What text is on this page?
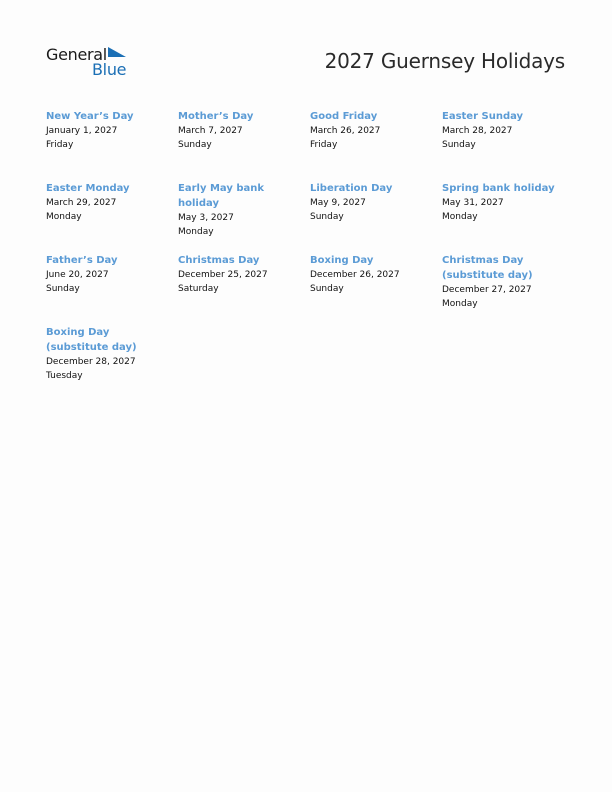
General
Blue	2027 Guernsey Holidays
New Year’s Day
January 1, 2027
Friday
Mother’s Day
March 7, 2027
Sunday
Good Friday
March 26, 2027
Friday
Easter Sunday
March 28, 2027
Sunday
Easter Monday
March 29, 2027
Monday
Early May bank holiday
May 3, 2027
Monday
Liberation Day
May 9, 2027
Sunday
Spring bank holiday
May 31, 2027
Monday
Father’s Day
June 20, 2027
Sunday
Christmas Day
December 25, 2027
Saturday
Boxing Day
December 26, 2027
Sunday
Christmas Day (substitute day)
December 27, 2027
Monday
Boxing Day (substitute day)
December 28, 2027
Tuesday
